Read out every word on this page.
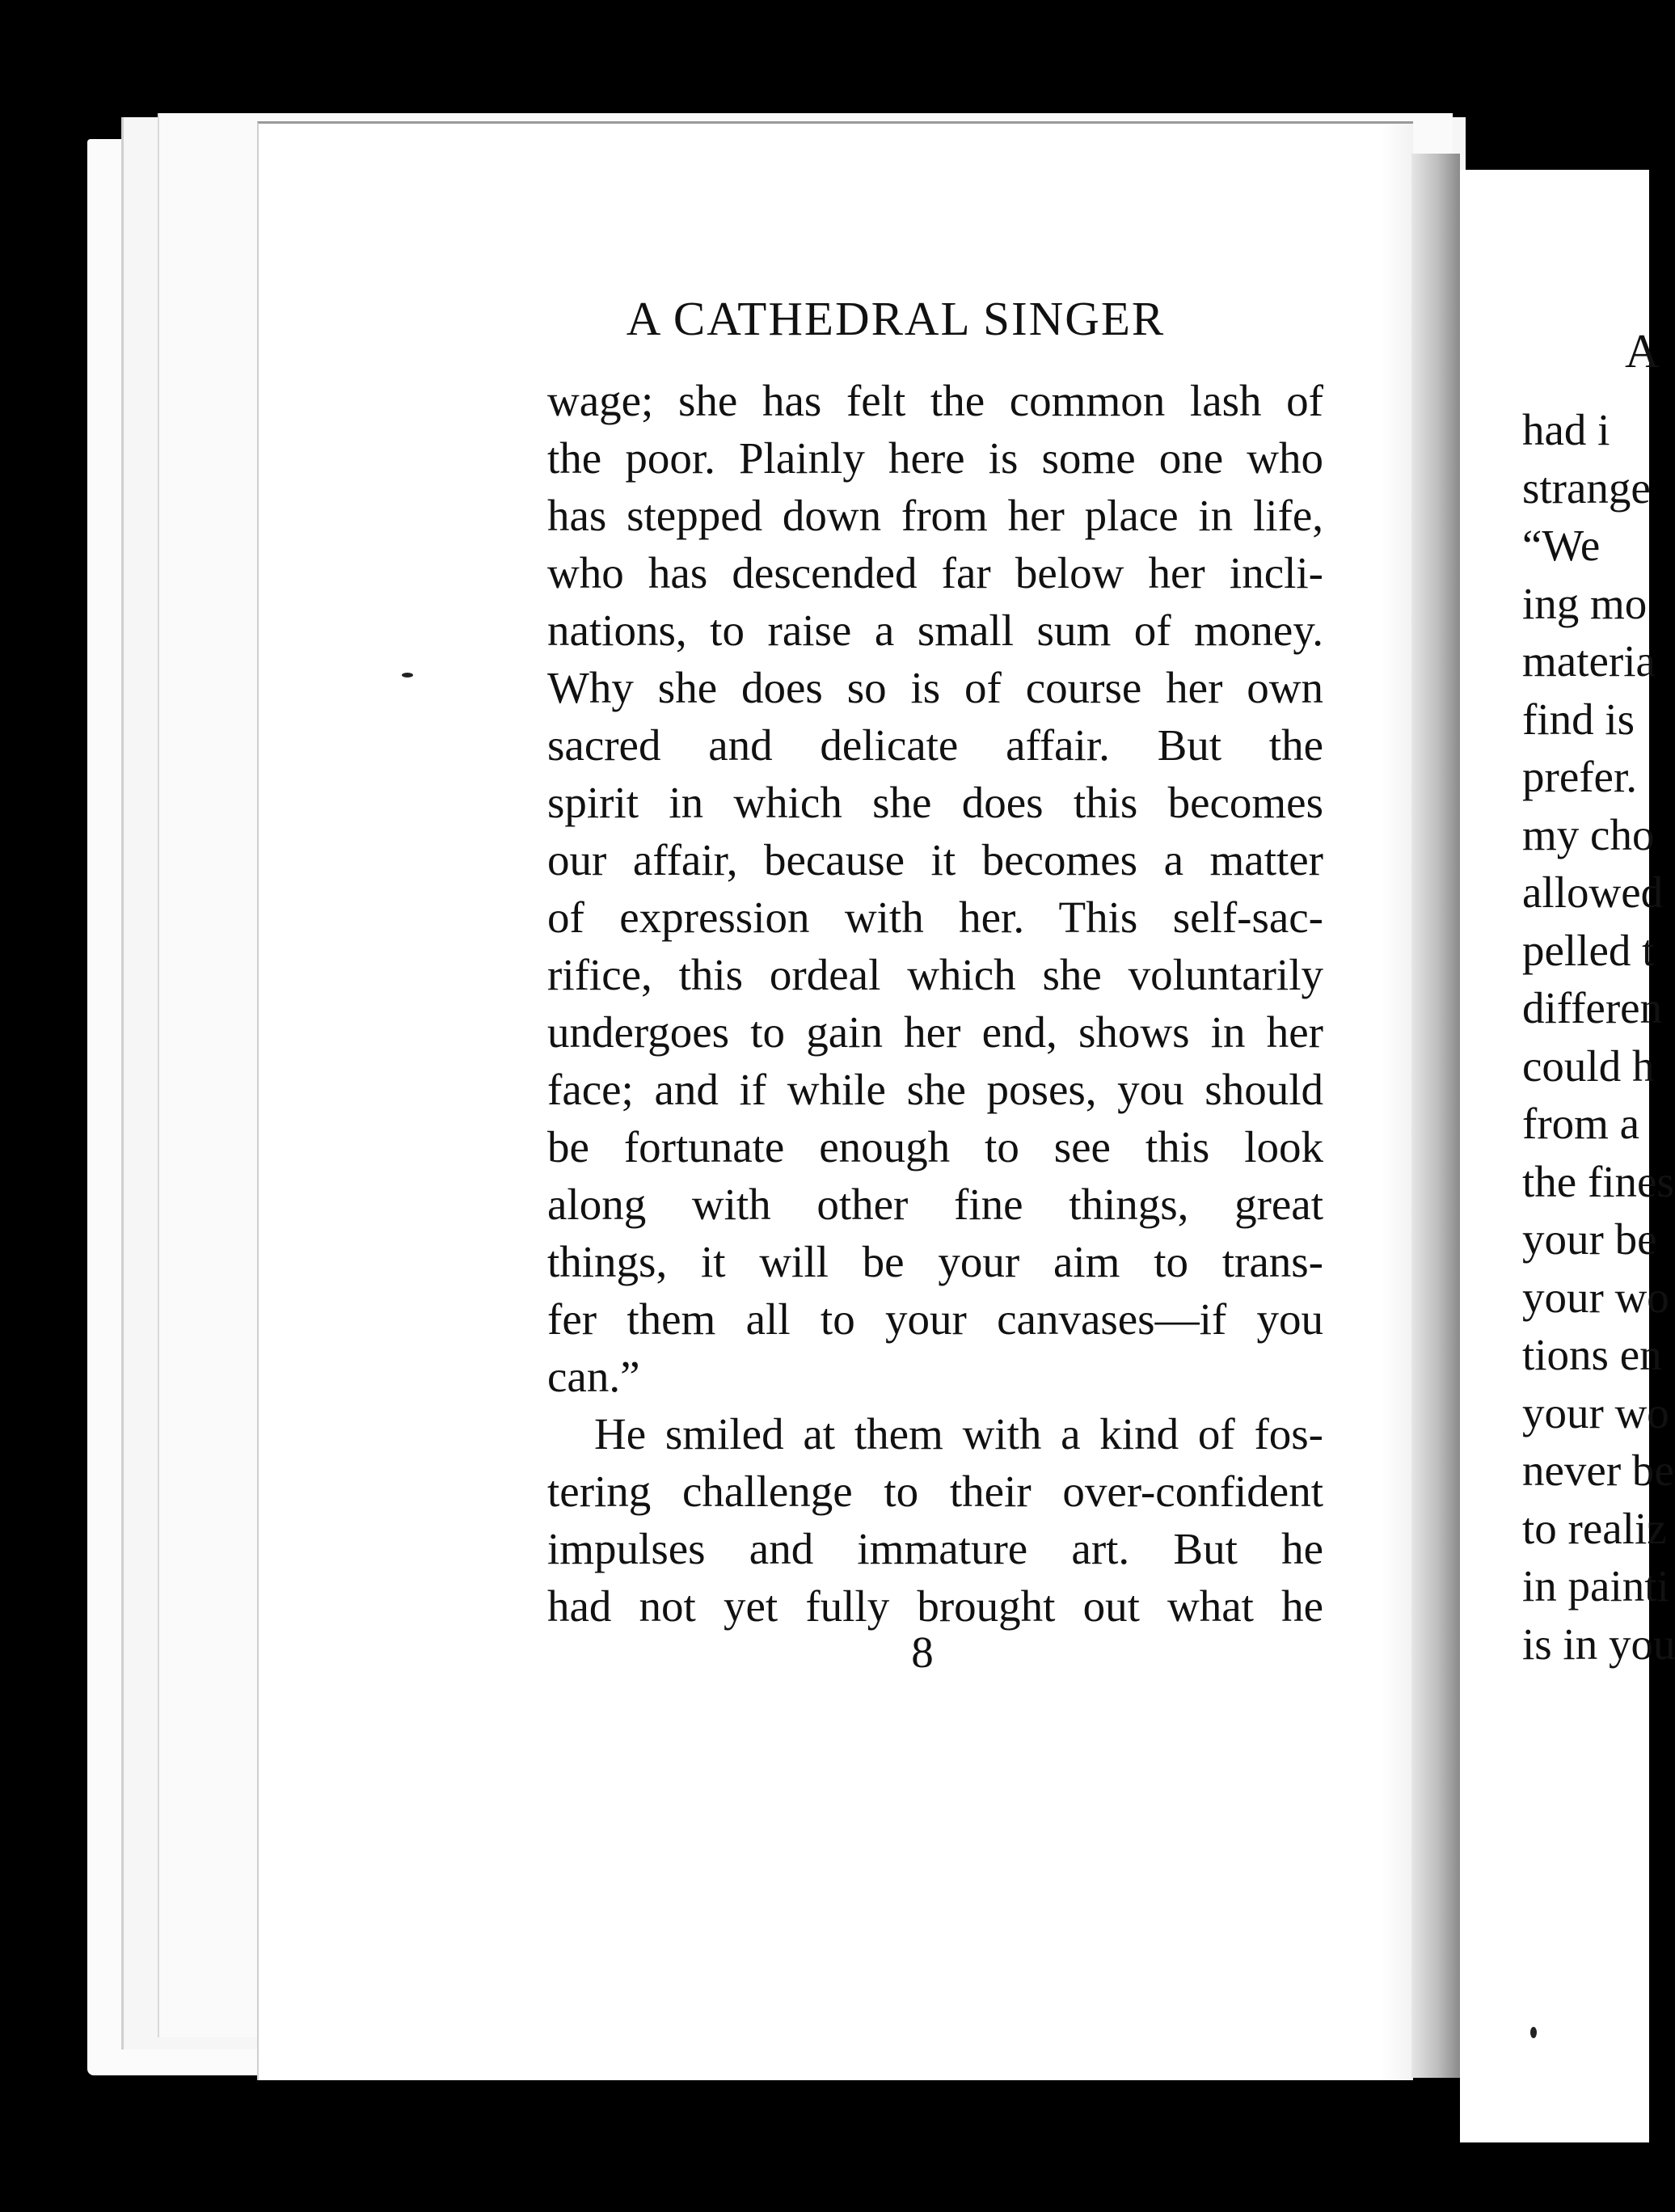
A CATHEDRAL SINGER
wage; she has felt the common lash of
the poor. Plainly here is some one who
has stepped down from her place in life,
who has descended far below her incli-
nations, to raise a small sum of money.
Why she does so is of course her own
sacred and delicate affair. But the
spirit in which she does this becomes
our affair, because it becomes a matter
of expression with her. This self-sac-
rifice, this ordeal which she voluntarily
undergoes to gain her end, shows in her
face; and if while she poses, you should
be fortunate enough to see this look
along with other fine things, great
things, it will be your aim to trans-
fer them all to your canvases—if you
can.”
He smiled at them with a kind of fos-
tering challenge to their over-confident
impulses and immature art. But he
had not yet fully brought out what he
8
A
had i
strange
“We
ing mo
materia
find is
prefer.
my cho
allowed
pelled t
differen
could h
from a
the fines
your be
your wo
tions en
your wo
never be
to realiz
in painti
is in you
